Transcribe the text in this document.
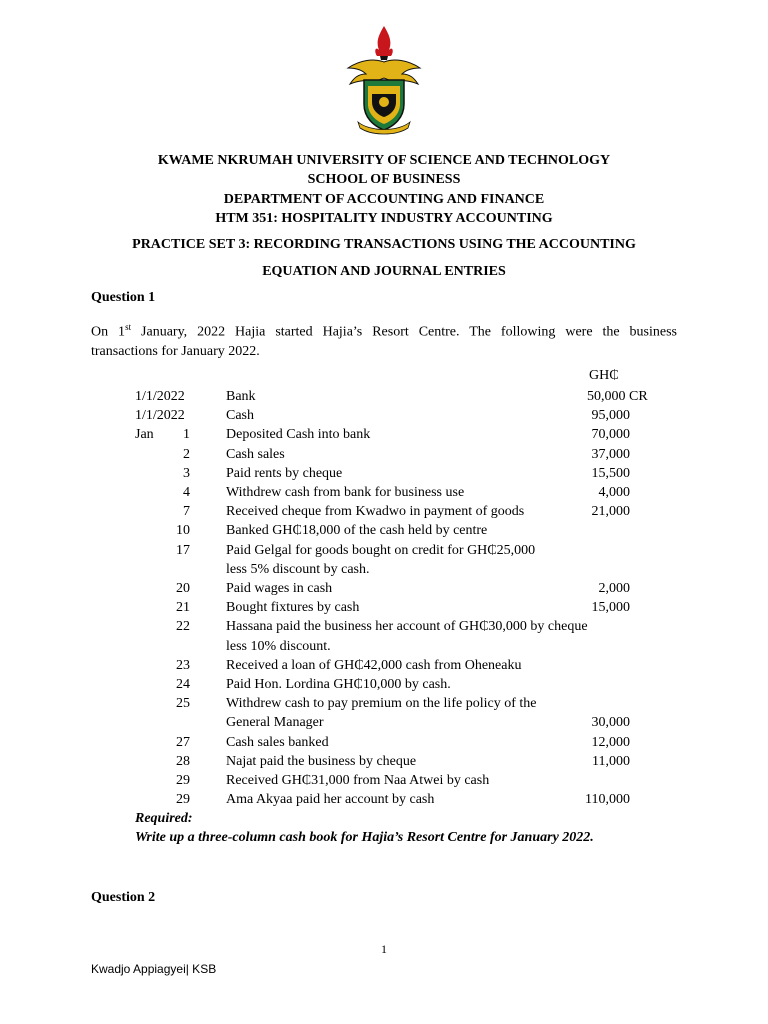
KWAME NKRUMAH UNIVERSITY OF SCIENCE AND TECHNOLOGY
SCHOOL OF BUSINESS
DEPARTMENT OF ACCOUNTING AND FINANCE
HTM 351: HOSPITALITY INDUSTRY ACCOUNTING
PRACTICE SET 3: RECORDING TRANSACTIONS USING THE ACCOUNTING
EQUATION AND JOURNAL ENTRIES
Question 1
On 1st January, 2022 Hajia started Hajia’s Resort Centre. The following were the business
transactions for January 2022.
GH₵
1/1/2022	Bank	50,000 CR
1/1/2022	Cash	95,000
Jan 1	Deposited Cash into bank	70,000
2	Cash sales	37,000
3	Paid rents by cheque	15,500
4	Withdrew cash from bank for business use	4,000
7	Received cheque from Kwadwo in payment of goods	21,000
10	Banked GH₵18,000 of the cash held by centre
17	Paid Gelgal for goods bought on credit for GH₵25,000
less 5% discount by cash.
20	Paid wages in cash	2,000
21	Bought fixtures by cash	15,000
22	Hassana paid the business her account of GH₵30,000 by cheque
less 10% discount.
23	Received a loan of GH₵42,000 cash from Oheneaku
24	Paid Hon. Lordina GH₵10,000 by cash.
25	Withdrew cash to pay premium on the life policy of the
General Manager	30,000
27	Cash sales banked	12,000
28	Najat paid the business by cheque	11,000
29	Received GH₵31,000 from Naa Atwei by cash
29	Ama Akyaa paid her account by cash	110,000
Required:
Write up a three-column cash book for Hajia’s Resort Centre for January 2022.
Question 2
1
Kwadjo Appiagyei| KSB
